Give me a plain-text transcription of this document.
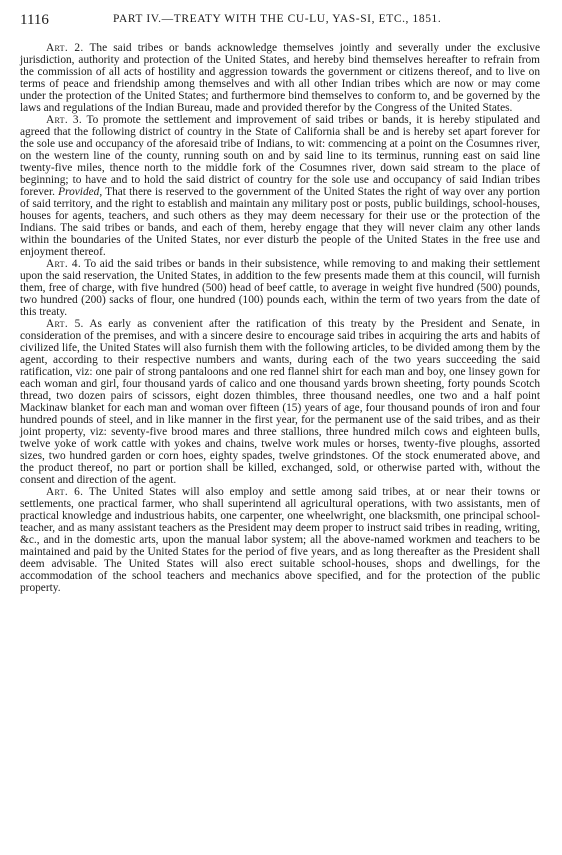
1116	PART IV.—TREATY WITH THE CU-LU, YAS-SI, ETC., 1851.

Art. 2. The said tribes or bands acknowledge themselves jointly and severally under the exclusive jurisdiction, authority and protection of the United States, and hereby bind themselves hereafter to refrain from the commission of all acts of hostility and aggression towards the government or citizens thereof, and to live on terms of peace and friendship among themselves and with all other Indian tribes which are now or may come under the protection of the United States; and furthermore bind themselves to conform to, and be governed by the laws and regulations of the Indian Bureau, made and provided therefor by the Congress of the United States.

Art. 3. To promote the settlement and improvement of said tribes or bands, it is hereby stipulated and agreed that the following district of country in the State of California shall be and is hereby set apart forever for the sole use and occupancy of the aforesaid tribe of Indians, to wit: commencing at a point on the Cosumnes river, on the western line of the county, running south on and by said line to its terminus, running east on said line twenty-five miles, thence north to the middle fork of the Cosumnes river, down said stream to the place of beginning; to have and to hold the said district of country for the sole use and occupancy of said Indian tribes forever. Provided, That there is reserved to the government of the United States the right of way over any portion of said territory, and the right to establish and maintain any military post or posts, public buildings, school-houses, houses for agents, teachers, and such others as they may deem necessary for their use or the protection of the Indians. The said tribes or bands, and each of them, hereby engage that they will never claim any other lands within the boundaries of the United States, nor ever disturb the people of the United States in the free use and enjoyment thereof.

Art. 4. To aid the said tribes or bands in their subsistence, while removing to and making their settlement upon the said reservation, the United States, in addition to the few presents made them at this council, will furnish them, free of charge, with five hundred (500) head of beef cattle, to average in weight five hundred (500) pounds, two hundred (200) sacks of flour, one hundred (100) pounds each, within the term of two years from the date of this treaty.

Art. 5. As early as convenient after the ratification of this treaty by the President and Senate, in consideration of the premises, and with a sincere desire to encourage said tribes in acquiring the arts and habits of civilized life, the United States will also furnish them with the following articles, to be divided among them by the agent, according to their respective numbers and wants, during each of the two years succeeding the said ratification, viz: one pair of strong pantaloons and one red flannel shirt for each man and boy, one linsey gown for each woman and girl, four thousand yards of calico and one thousand yards brown sheeting, forty pounds Scotch thread, two dozen pairs of scissors, eight dozen thimbles, three thousand needles, one two and a half point Mackinaw blanket for each man and woman over fifteen (15) years of age, four thousand pounds of iron and four hundred pounds of steel, and in like manner in the first year, for the permanent use of the said tribes, and as their joint property, viz: seventy-five brood mares and three stallions, three hundred milch cows and eighteen bulls, twelve yoke of work cattle with yokes and chains, twelve work mules or horses, twenty-five ploughs, assorted sizes, two hundred garden or corn hoes, eighty spades, twelve grindstones. Of the stock enumerated above, and the product thereof, no part or portion shall be killed, exchanged, sold, or otherwise parted with, without the consent and direction of the agent.

Art. 6. The United States will also employ and settle among said tribes, at or near their towns or settlements, one practical farmer, who shall superintend all agricultural operations, with two assistants, men of practical knowledge and industrious habits, one carpenter, one wheelwright, one blacksmith, one principal school-teacher, and as many assistant teachers as the President may deem proper to instruct said tribes in reading, writing, &c., and in the domestic arts, upon the manual labor system; all the above-named workmen and teachers to be maintained and paid by the United States for the period of five years, and as long thereafter as the President shall deem advisable. The United States will also erect suitable school-houses, shops and dwellings, for the accommodation of the school teachers and mechanics above specified, and for the protection of the public property.
